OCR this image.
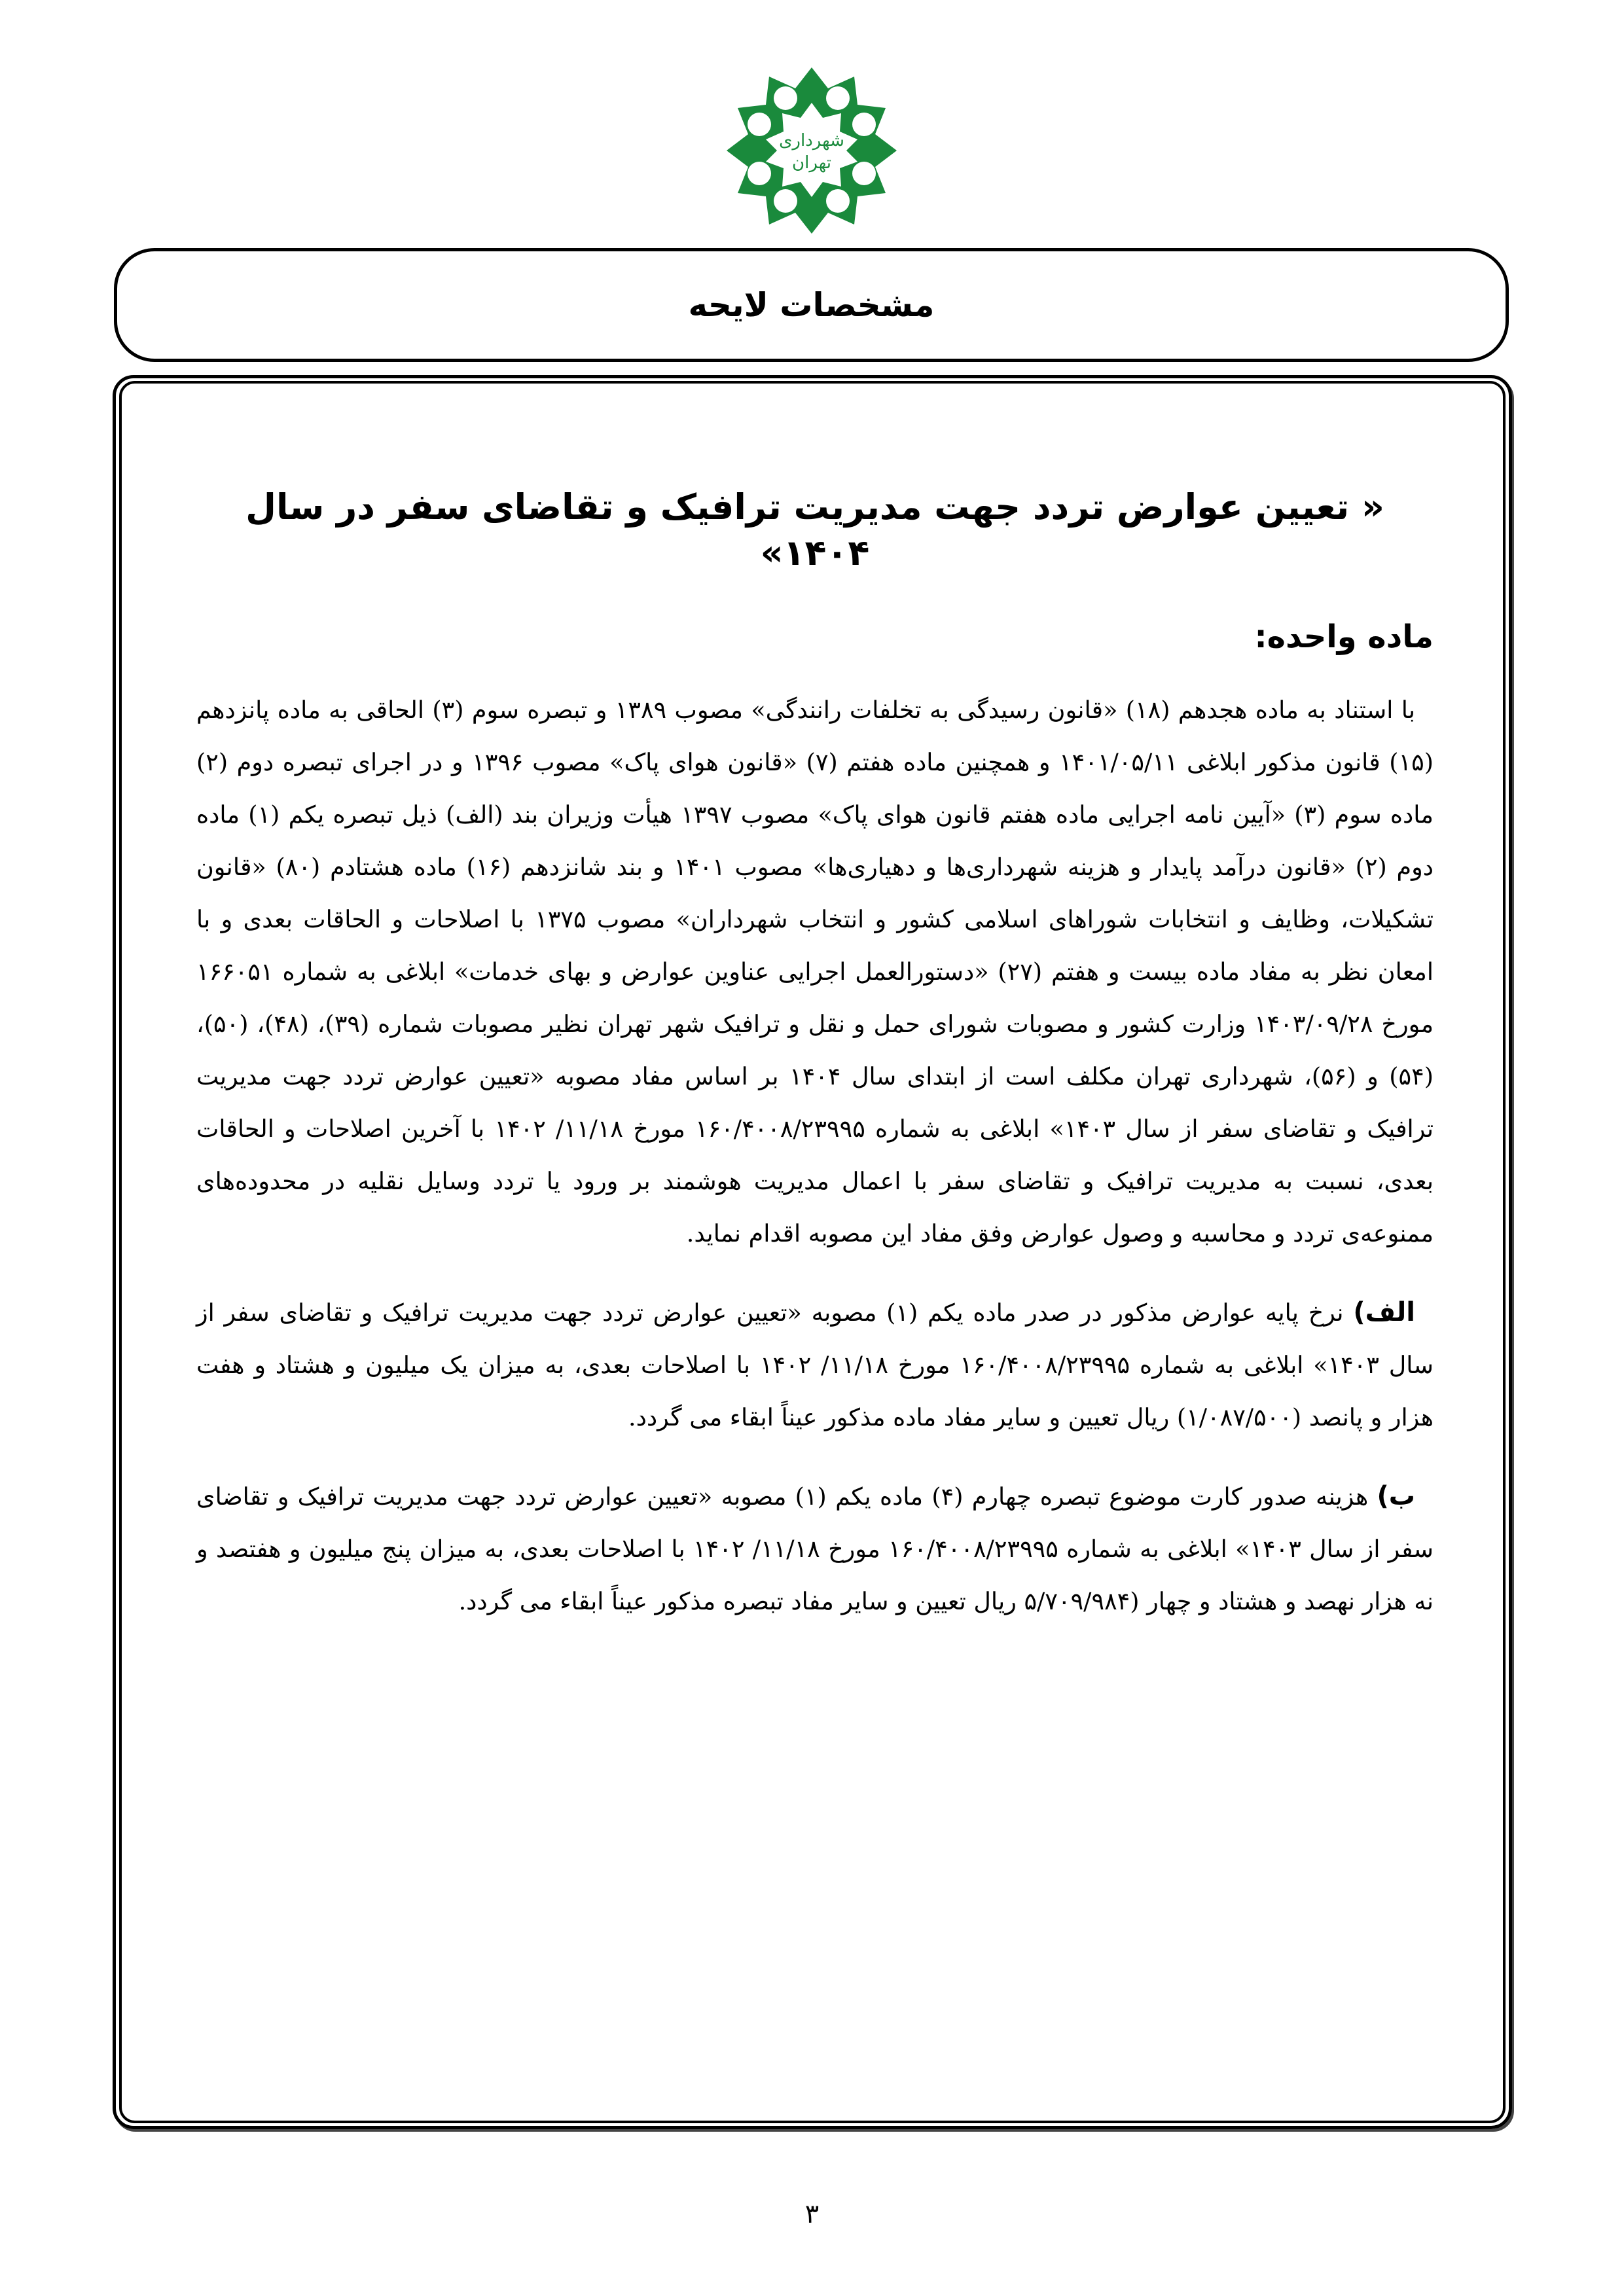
شهرداری
تهران
مشخصات لایحه
« تعیین عوارض تردد جهت مدیریت ترافیک و تقاضای سفر در سال ۱۴۰۴»
ماده واحده:

با استناد به ماده هجدهم (۱۸) «قانون رسیدگی به تخلفات رانندگی» مصوب ۱۳۸۹ و تبصره سوم (۳) الحاقی به ماده پانزدهم (۱۵) قانون مذکور ابلاغی ۱۴۰۱/۰۵/۱۱ و همچنین ماده هفتم (۷) «قانون هوای پاک» مصوب ۱۳۹۶ و در اجرای تبصره دوم (۲) ماده سوم (۳) «آیین نامه اجرایی ماده هفتم قانون هوای پاک» مصوب ۱۳۹۷ هیأت وزیران بند (الف) ذیل تبصره یکم (۱) ماده دوم (۲) «قانون درآمد پایدار و هزینه شهرداری‌ها و دهیاری‌ها» مصوب ۱۴۰۱ و بند شانزدهم (۱۶) ماده هشتادم (۸۰) «قانون تشکیلات، وظایف و انتخابات شوراهای اسلامی کشور و انتخاب شهرداران» مصوب ۱۳۷۵ با اصلاحات و الحاقات بعدی و با امعان نظر به مفاد ماده بیست و هفتم (۲۷) «دستورالعمل اجرایی عناوین عوارض و بهای خدمات» ابلاغی به شماره ۱۶۶۰۵۱ مورخ ۱۴۰۳/۰۹/۲۸ وزارت کشور و مصوبات شورای حمل و نقل و ترافیک شهر تهران نظیر مصوبات شماره (۳۹)، (۴۸)، (۵۰)، (۵۴) و (۵۶)، شهرداری تهران مکلف است از ابتدای سال ۱۴۰۴ بر اساس مفاد مصوبه «تعیین عوارض تردد جهت مدیریت ترافیک و تقاضای سفر از سال ۱۴۰۳» ابلاغی به شماره ۱۶۰/۴۰۰۸/۲۳۹۹۵ مورخ ۱۱/۱۸/ ۱۴۰۲ با آخرین اصلاحات و الحاقات بعدی، نسبت به مدیریت ترافیک و تقاضای سفر با اعمال مدیریت هوشمند بر ورود یا تردد وسایل نقلیه در محدوده‌های ممنوعه‌ی تردد و محاسبه و وصول عوارض وفق مفاد این مصوبه اقدام نماید.

الف) نرخ پایه عوارض مذکور در صدر ماده یکم (۱) مصوبه «تعیین عوارض تردد جهت مدیریت ترافیک و تقاضای سفر از سال ۱۴۰۳» ابلاغی به شماره ۱۶۰/۴۰۰۸/۲۳۹۹۵ مورخ ۱۱/۱۸/ ۱۴۰۲ با اصلاحات بعدی، به میزان یک میلیون و هشتاد و هفت هزار و پانصد (۱/۰۸۷/۵۰۰) ریال تعیین و سایر مفاد ماده مذکور عیناً ابقاء می گردد.

ب) هزینه صدور کارت موضوع تبصره چهارم (۴) ماده یکم (۱) مصوبه «تعیین عوارض تردد جهت مدیریت ترافیک و تقاضای سفر از سال ۱۴۰۳» ابلاغی به شماره ۱۶۰/۴۰۰۸/۲۳۹۹۵ مورخ ۱۱/۱۸/ ۱۴۰۲ با اصلاحات بعدی، به میزان پنج میلیون و هفتصد و نه هزار نهصد و هشتاد و چهار (۵/۷۰۹/۹۸۴ ریال تعیین و سایر مفاد تبصره مذکور عیناً ابقاء می گردد.

۳
